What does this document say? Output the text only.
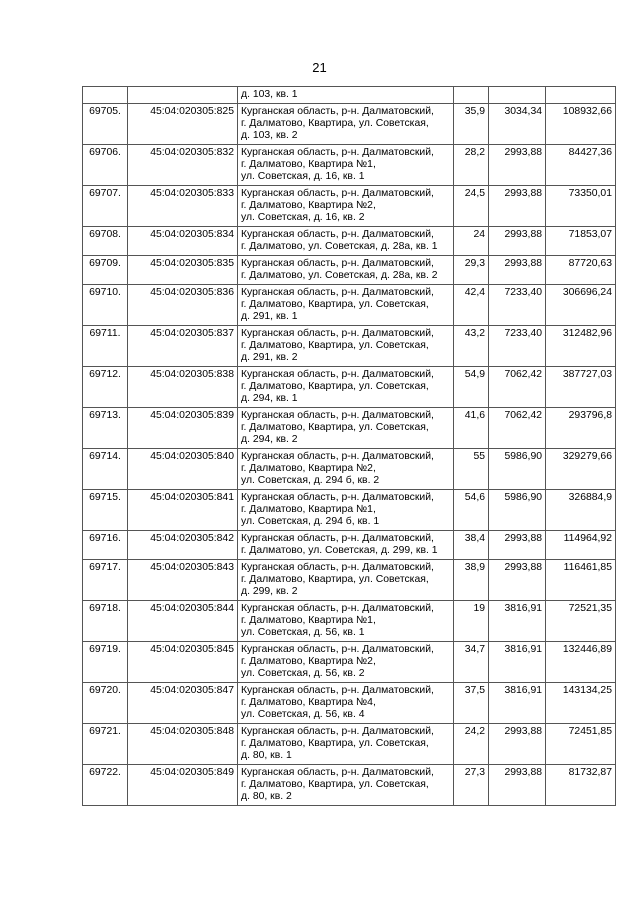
21

		д. 103, кв. 1			

69705.	45:04:020305:825	Курганская область, р-н. Далматовский,
г. Далматово, Квартира, ул. Советская,
д. 103, кв. 2	35,9	3034,34	108932,66
69706.	45:04:020305:832	Курганская область, р-н. Далматовский,
г. Далматово, Квартира №1,
ул. Советская, д. 16, кв. 1	28,2	2993,88	84427,36
69707.	45:04:020305:833	Курганская область, р-н. Далматовский,
г. Далматово, Квартира №2,
ул. Советская, д. 16, кв. 2	24,5	2993,88	73350,01
69708.	45:04:020305:834	Курганская область, р-н. Далматовский,
г. Далматово, ул. Советская, д. 28а, кв. 1	24	2993,88	71853,07
69709.	45:04:020305:835	Курганская область, р-н. Далматовский,
г. Далматово, ул. Советская, д. 28а, кв. 2	29,3	2993,88	87720,63
69710.	45:04:020305:836	Курганская область, р-н. Далматовский,
г. Далматово, Квартира, ул. Советская,
д. 291, кв. 1	42,4	7233,40	306696,24
69711.	45:04:020305:837	Курганская область, р-н. Далматовский,
г. Далматово, Квартира, ул. Советская,
д. 291, кв. 2	43,2	7233,40	312482,96
69712.	45:04:020305:838	Курганская область, р-н. Далматовский,
г. Далматово, Квартира, ул. Советская,
д. 294, кв. 1	54,9	7062,42	387727,03
69713.	45:04:020305:839	Курганская область, р-н. Далматовский,
г. Далматово, Квартира, ул. Советская,
д. 294, кв. 2	41,6	7062,42	293796,8
69714.	45:04:020305:840	Курганская область, р-н. Далматовский,
г. Далматово, Квартира №2,
ул. Советская, д. 294 б, кв. 2	55	5986,90	329279,66
69715.	45:04:020305:841	Курганская область, р-н. Далматовский,
г. Далматово, Квартира №1,
ул. Советская, д. 294 б, кв. 1	54,6	5986,90	326884,9
69716.	45:04:020305:842	Курганская область, р-н. Далматовский,
г. Далматово, ул. Советская, д. 299, кв. 1	38,4	2993,88	114964,92
69717.	45:04:020305:843	Курганская область, р-н. Далматовский,
г. Далматово, Квартира, ул. Советская,
д. 299, кв. 2	38,9	2993,88	116461,85
69718.	45:04:020305:844	Курганская область, р-н. Далматовский,
г. Далматово, Квартира №1,
ул. Советская, д. 56, кв. 1	19	3816,91	72521,35
69719.	45:04:020305:845	Курганская область, р-н. Далматовский,
г. Далматово, Квартира №2,
ул. Советская, д. 56, кв. 2	34,7	3816,91	132446,89
69720.	45:04:020305:847	Курганская область, р-н. Далматовский,
г. Далматово, Квартира №4,
ул. Советская, д. 56, кв. 4	37,5	3816,91	143134,25
69721.	45:04:020305:848	Курганская область, р-н. Далматовский,
г. Далматово, Квартира, ул. Советская,
д. 80, кв. 1	24,2	2993,88	72451,85
69722.	45:04:020305:849	Курганская область, р-н. Далматовский,
г. Далматово, Квартира, ул. Советская,
д. 80, кв. 2	27,3	2993,88	81732,87
